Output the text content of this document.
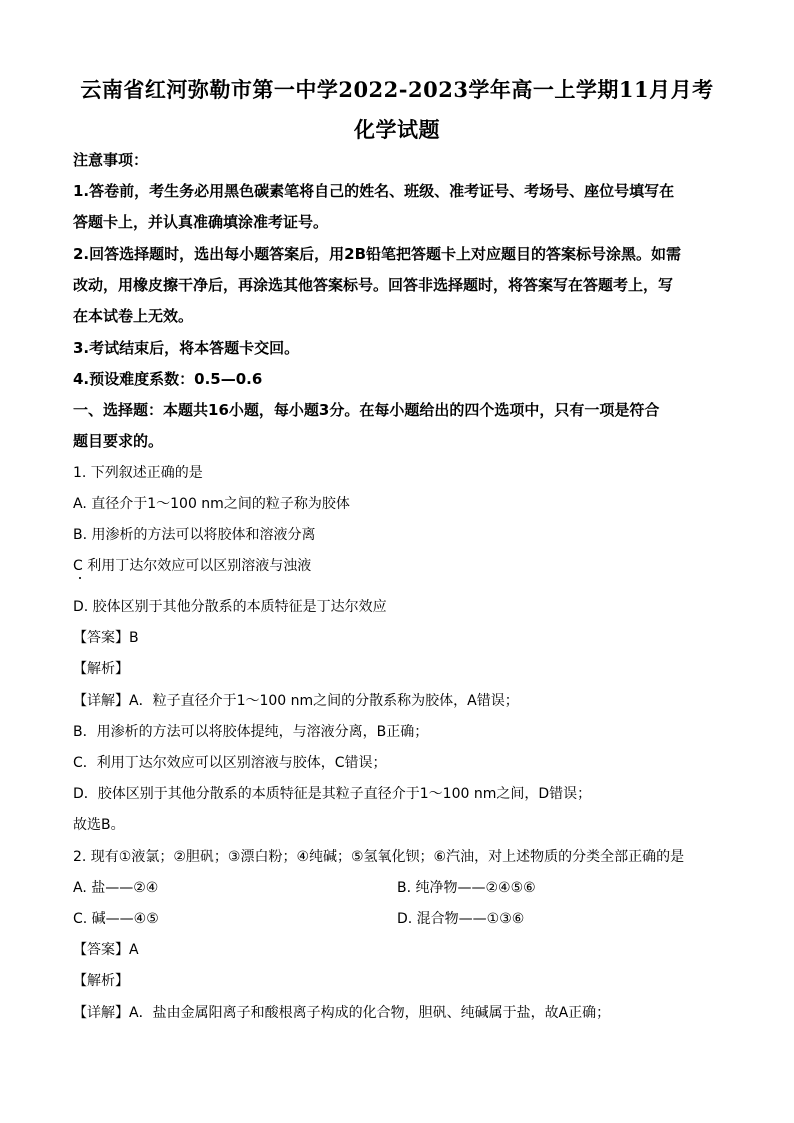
云南省红河弥勒市第一中学2022-2023学年高一上学期11月月考
化学试题
注意事项：
1.答卷前，考生务必用黑色碳素笔将自己的姓名、班级、准考证号、考场号、座位号填写在
答题卡上，并认真准确填涂准考证号。
2.回答选择题时，选出每小题答案后，用2B铅笔把答题卡上对应题目的答案标号涂黑。如需
改动，用橡皮擦干净后，再涂选其他答案标号。回答非选择题时，将答案写在答题考上，写
在本试卷上无效。
3.考试结束后，将本答题卡交回。
4.预设难度系数：0.5—0.6
一、选择题：本题共16小题，每小题3分。在每小题给出的四个选项中，只有一项是符合
题目要求的。
1. 下列叙述正确的是
A. 直径介于1～100 nm之间的粒子称为胶体
B. 用渗析的方法可以将胶体和溶液分离
C 利用丁达尔效应可以区别溶液与浊液
D. 胶体区别于其他分散系的本质特征是丁达尔效应
【答案】B
【解析】
【详解】A．粒子直径介于1～100 nm之间的分散系称为胶体，A错误；
B．用渗析的方法可以将胶体提纯，与溶液分离，B正确；
C．利用丁达尔效应可以区别溶液与胶体，C错误；
D．胶体区别于其他分散系的本质特征是其粒子直径介于1～100 nm之间，D错误；
故选B。
2. 现有①液氯；②胆矾；③漂白粉；④纯碱；⑤氢氧化钡；⑥汽油，对上述物质的分类全部正确的是
A. 盐——②④	B. 纯净物——②④⑤⑥
C. 碱——④⑤	D. 混合物——①③⑥
【答案】A
【解析】
【详解】A．盐由金属阳离子和酸根离子构成的化合物，胆矾、纯碱属于盐，故A正确；
